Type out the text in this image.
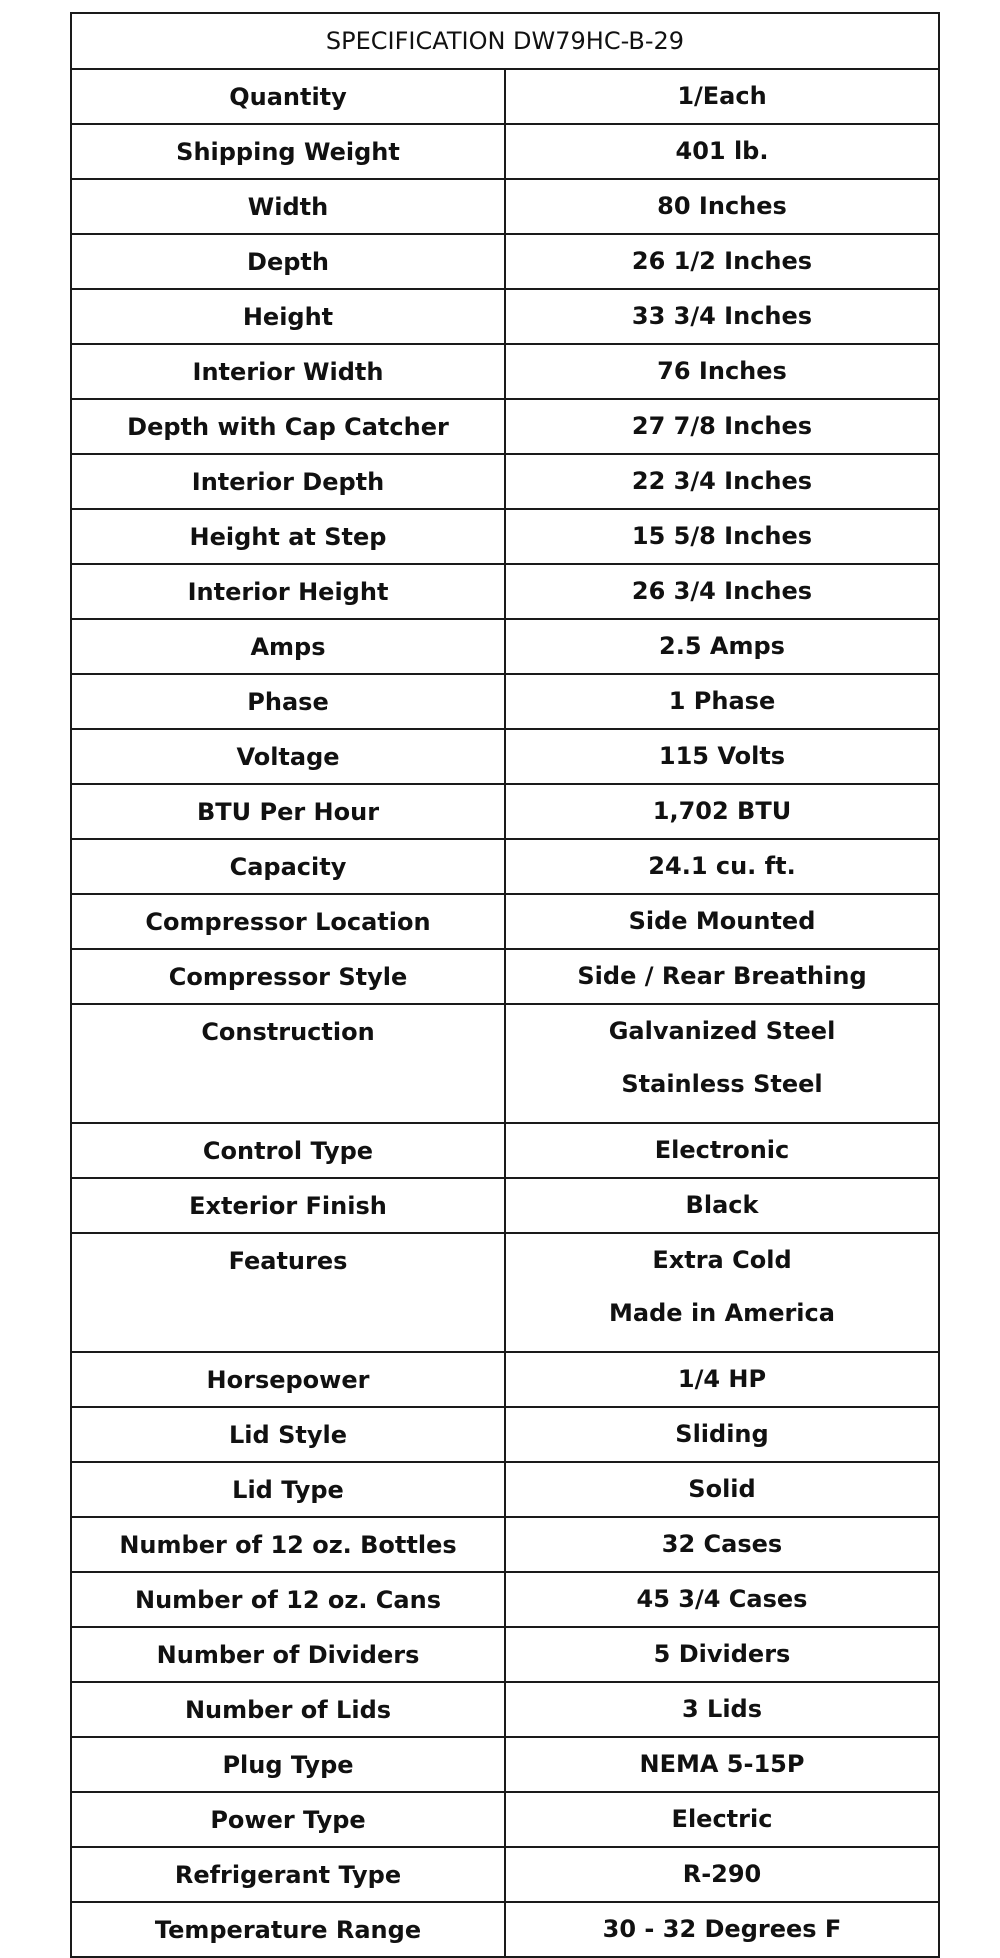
SPECIFICATION DW79HC-B-29	
Quantity	1/Each

Shipping Weight	401 lb.

Width	80 Inches

Depth	26 1/2 Inches

Height	33 3/4 Inches

Interior Width	76 Inches

Depth with Cap Catcher	27 7/8 Inches

Interior Depth	22 3/4 Inches

Height at Step	15 5/8 Inches

Interior Height	26 3/4 Inches

Amps	2.5 Amps

Phase	1 Phase

Voltage	115 Volts

BTU Per Hour	1,702 BTU

Capacity	24.1 cu. ft.

Compressor Location	Side Mounted

Compressor Style	Side / Rear Breathing

Construction	Galvanized Steel
Stainless Steel

Control Type	Electronic

Exterior Finish	Black

Features	Extra Cold
Made in America

Horsepower	1/4 HP

Lid Style	Sliding

Lid Type	Solid

Number of 12 oz. Bottles	32 Cases

Number of 12 oz. Cans	45 3/4 Cases

Number of Dividers	5 Dividers

Number of Lids	3 Lids

Plug Type	NEMA 5-15P

Power Type	Electric

Refrigerant Type	R-290

Temperature Range	30 - 32 Degrees F
